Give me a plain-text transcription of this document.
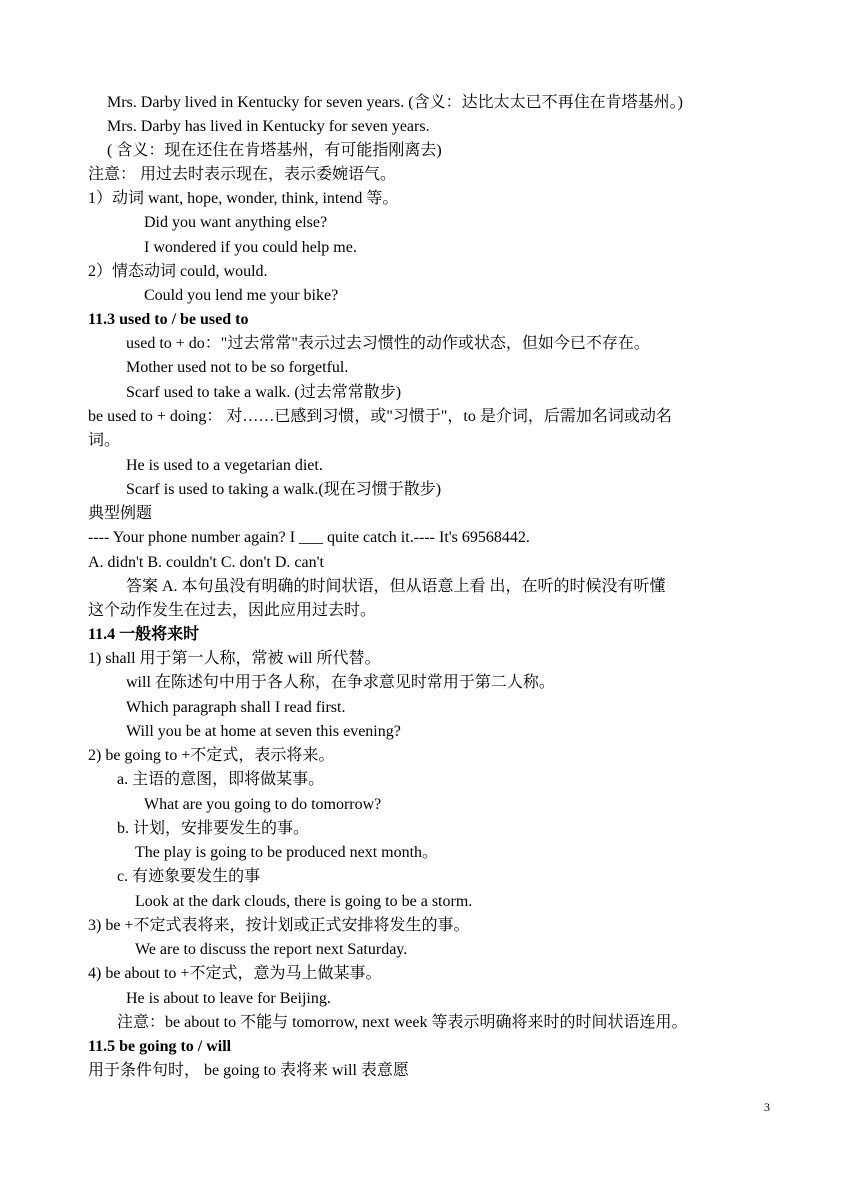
Mrs. Darby lived in Kentucky for seven years. (含义：达比太太已不再住在肯塔基州。)
Mrs. Darby has lived in Kentucky for seven years.
( 含义：现在还住在肯塔基州，有可能指刚离去)
注意： 用过去时表示现在，表示委婉语气。
1）动词 want, hope, wonder, think, intend 等。
Did you want anything else?
I wondered if you could help me.
2）情态动词 could, would.
Could you lend me your bike?
11.3 used to / be used to
used to + do："过去常常"表示过去习惯性的动作或状态，但如今已不存在。
Mother used not to be so forgetful.
Scarf used to take a walk. (过去常常散步)
be used to + doing： 对……已感到习惯，或"习惯于"，to 是介词，后需加名词或动名
词。
He is used to a vegetarian diet.
Scarf is used to taking a walk.(现在习惯于散步)
典型例题
---- Your phone number again? I ___ quite catch it.---- It's 69568442.
A. didn't B. couldn't C. don't D. can't
答案 A. 本句虽没有明确的时间状语，但从语意上看 出，在听的时候没有听懂
这个动作发生在过去，因此应用过去时。
11.4 一般将来时
1) shall 用于第一人称，常被 will 所代替。
will 在陈述句中用于各人称，在争求意见时常用于第二人称。
Which paragraph shall I read first.
Will you be at home at seven this evening?
2) be going to +不定式，表示将来。
a. 主语的意图，即将做某事。
What are you going to do tomorrow?
b. 计划，安排要发生的事。
The play is going to be produced next month。
c. 有迹象要发生的事
Look at the dark clouds, there is going to be a storm.
3) be +不定式表将来，按计划或正式安排将发生的事。
We are to discuss the report next Saturday.
4) be about to +不定式，意为马上做某事。
He is about to leave for Beijing.
注意：be about to 不能与 tomorrow, next week 等表示明确将来时的时间状语连用。
11.5 be going to / will
用于条件句时， be going to 表将来 will 表意愿
3
